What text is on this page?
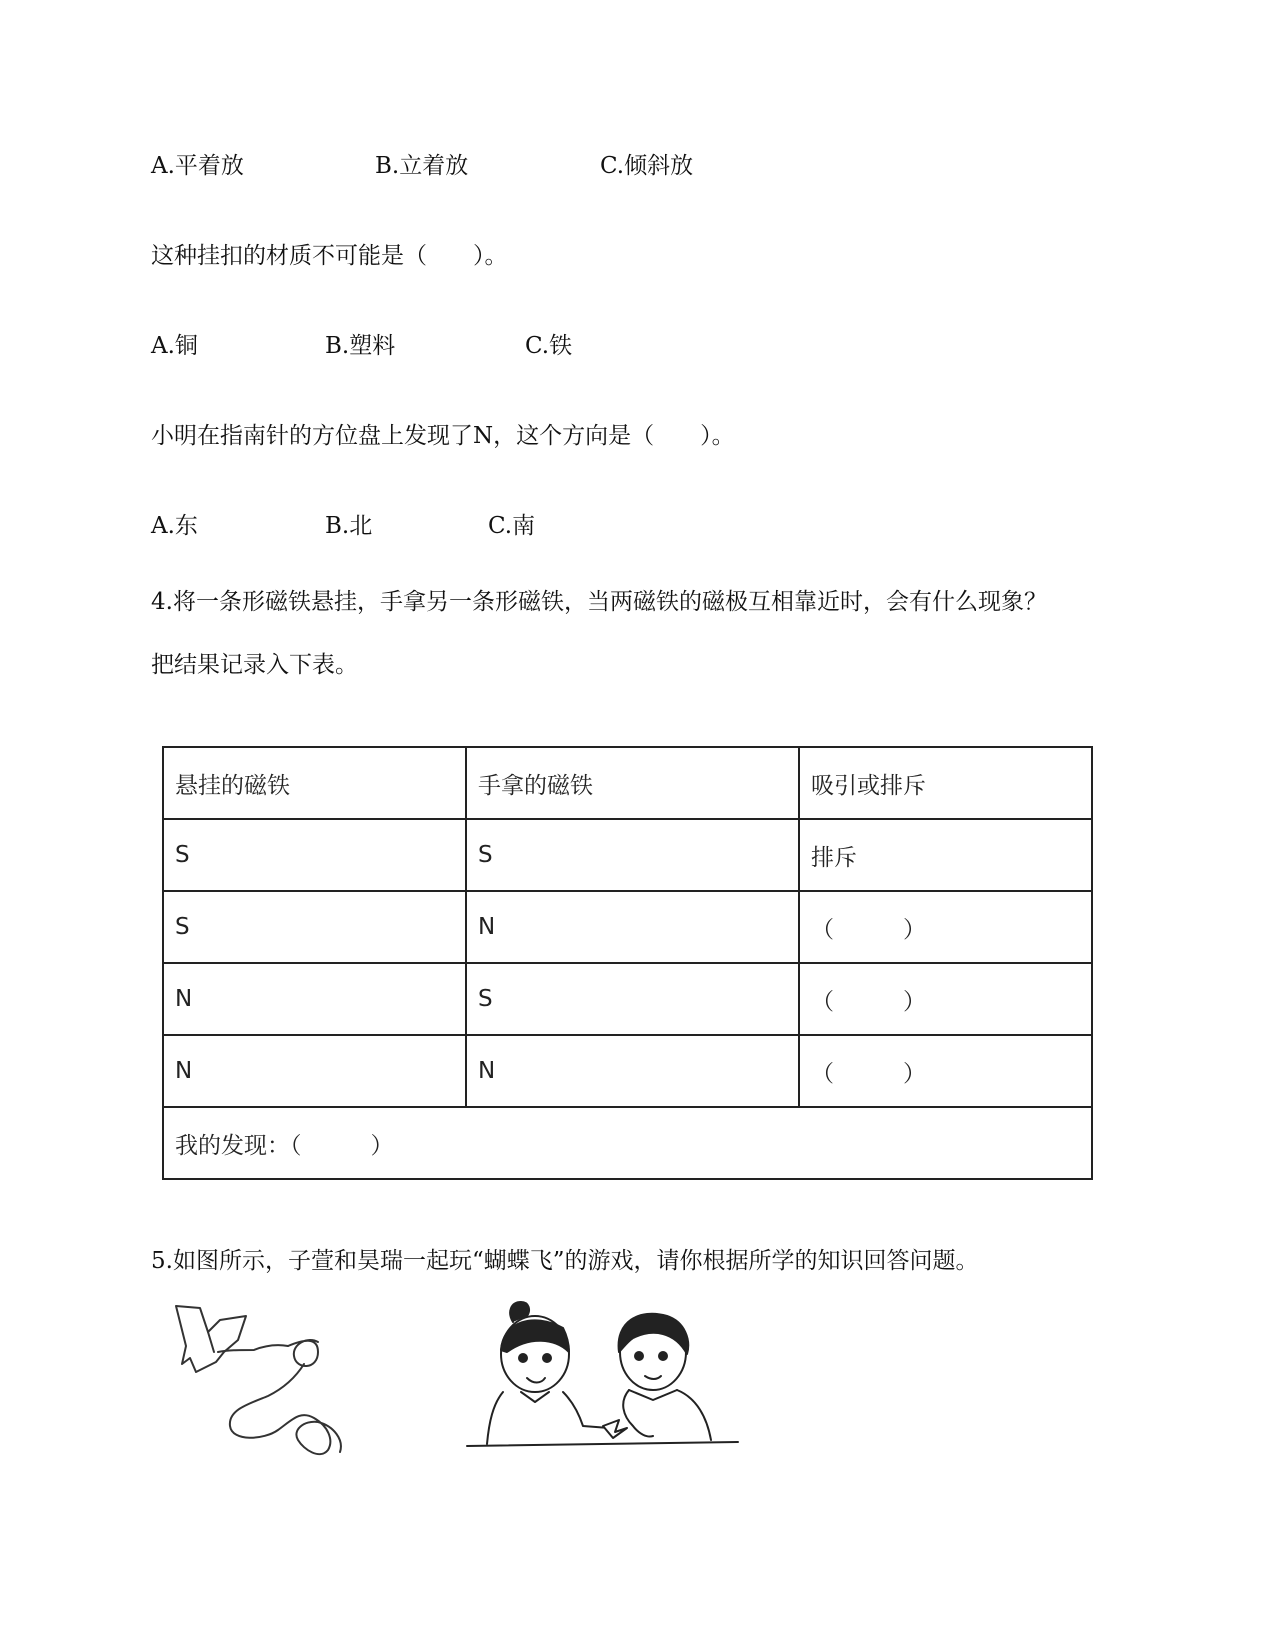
A.平着放	B.立着放	C.倾斜放
这种挂扣的材质不可能是（　　）。
A.铜	B.塑料	C.铁
小明在指南针的方位盘上发现了N，这个方向是（　　）。
A.东	B.北	C.南
4.将一条形磁铁悬挂，手拿另一条形磁铁，当两磁铁的磁极互相靠近时，会有什么现象？
把结果记录入下表。
悬挂的磁铁	手拿的磁铁	吸引或排斥
S	S	排斥
S	N	（　　　）
N	S	（　　　）
N	N	（　　　）
我的发现：（　　　）		
5.如图所示，子萱和昊瑞一起玩“蝴蝶飞”的游戏，请你根据所学的知识回答问题。
